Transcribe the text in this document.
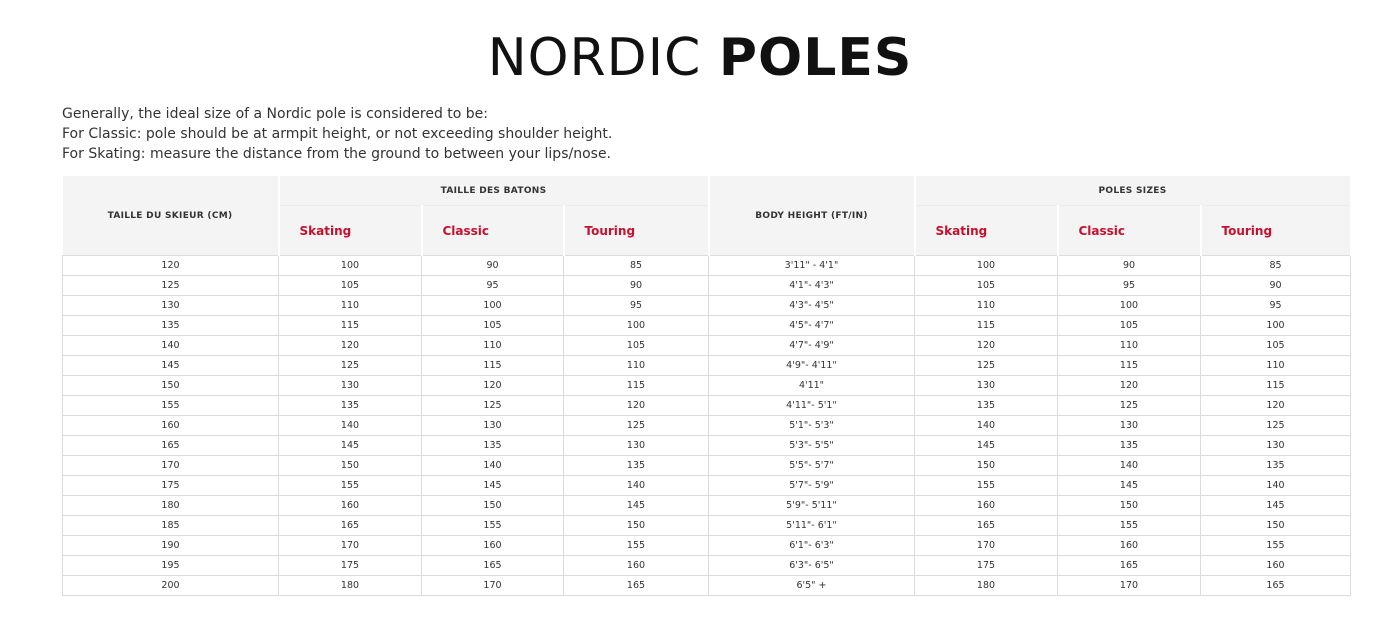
NORDIC POLES
Generally, the ideal size of a Nordic pole is considered to be:
For Classic: pole should be at armpit height, or not exceeding shoulder height.
For Skating: measure the distance from the ground to between your lips/nose.
TAILLE DU SKIEUR (CM)	TAILLE DES BATONS			BODY HEIGHT (FT/IN)	POLES SIZES		
	Skating	Classic	Touring		Skating	Classic	Touring
120	100	90	85	3'11" - 4'1"	100	90	85
125	105	95	90	4'1"- 4'3"	105	95	90
130	110	100	95	4'3"- 4'5"	110	100	95
135	115	105	100	4'5"- 4'7"	115	105	100
140	120	110	105	4'7"- 4'9"	120	110	105
145	125	115	110	4'9"- 4'11"	125	115	110
150	130	120	115	4'11"	130	120	115
155	135	125	120	4'11"- 5'1"	135	125	120
160	140	130	125	5'1"- 5'3"	140	130	125
165	145	135	130	5'3"- 5'5"	145	135	130
170	150	140	135	5'5"- 5'7"	150	140	135
175	155	145	140	5'7"- 5'9"	155	145	140
180	160	150	145	5'9"- 5'11"	160	150	145
185	165	155	150	5'11"- 6'1"	165	155	150
190	170	160	155	6'1"- 6'3"	170	160	155
195	175	165	160	6'3"- 6'5"	175	165	160
200	180	170	165	6'5" +	180	170	165
